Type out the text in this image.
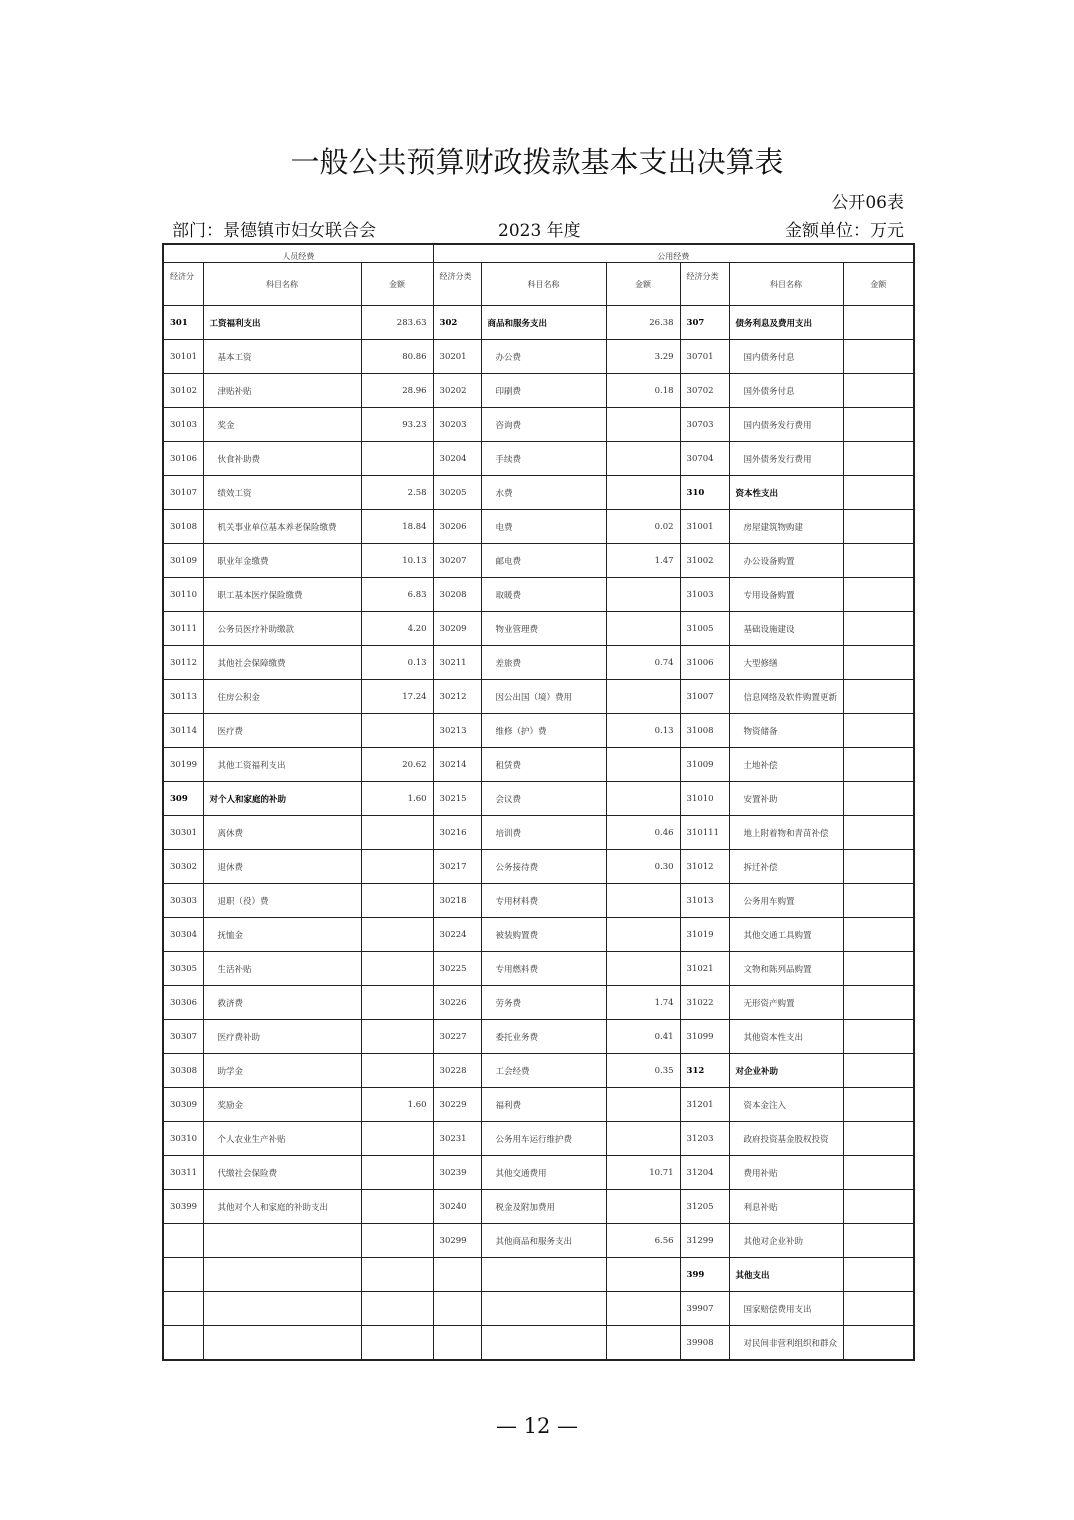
一般公共预算财政拨款基本支出决算表
公开06表
部门：景德镇市妇女联合会	2023 年度	金额单位：万元
人员经费			公用经费					
经济分	科目名称	金额	经济分类	科目名称	金额	经济分类	科目名称	金额
301	工资福利支出	283.63	302	商品和服务支出	26.38	307	债务利息及费用支出	
30101	基本工资	80.86	30201	办公费	3.29	30701	国内债务付息	
30102	津贴补贴	28.96	30202	印刷费	0.18	30702	国外债务付息	
30103	奖金	93.23	30203	咨询费		30703	国内债务发行费用	
30106	伙食补助费		30204	手续费		30704	国外债务发行费用	
30107	绩效工资	2.58	30205	水费		310	资本性支出	
30108	机关事业单位基本养老保险缴费	18.84	30206	电费	0.02	31001	房屋建筑物购建	
30109	职业年金缴费	10.13	30207	邮电费	1.47	31002	办公设备购置	
30110	职工基本医疗保险缴费	6.83	30208	取暖费		31003	专用设备购置	
30111	公务员医疗补助缴款	4.20	30209	物业管理费		31005	基础设施建设	
30112	其他社会保障缴费	0.13	30211	差旅费	0.74	31006	大型修缮	
30113	住房公积金	17.24	30212	因公出国（境）费用		31007	信息网络及软件购置更新	
30114	医疗费		30213	维修（护）费	0.13	31008	物资储备	
30199	其他工资福利支出	20.62	30214	租赁费		31009	土地补偿	
309	对个人和家庭的补助	1.60	30215	会议费		31010	安置补助	
30301	离休费		30216	培训费	0.46	310111	地上附着物和青苗补偿	
30302	退休费		30217	公务接待费	0.30	31012	拆迁补偿	
30303	退职（役）费		30218	专用材料费		31013	公务用车购置	
30304	抚恤金		30224	被装购置费		31019	其他交通工具购置	
30305	生活补贴		30225	专用燃料费		31021	文物和陈列品购置	
30306	救济费		30226	劳务费	1.74	31022	无形资产购置	
30307	医疗费补助		30227	委托业务费	0.41	31099	其他资本性支出	
30308	助学金		30228	工会经费	0.35	312	对企业补助	
30309	奖励金	1.60	30229	福利费		31201	资本金注入	
30310	个人农业生产补贴		30231	公务用车运行维护费		31203	政府投资基金股权投资	
30311	代缴社会保险费		30239	其他交通费用	10.71	31204	费用补贴	
30399	其他对个人和家庭的补助支出		30240	税金及附加费用		31205	利息补贴	
			30299	其他商品和服务支出	6.56	31299	其他对企业补助	
						399	其他支出	
						39907	国家赔偿费用支出	
						39908	对民间非营利组织和群众	
— 12 —
